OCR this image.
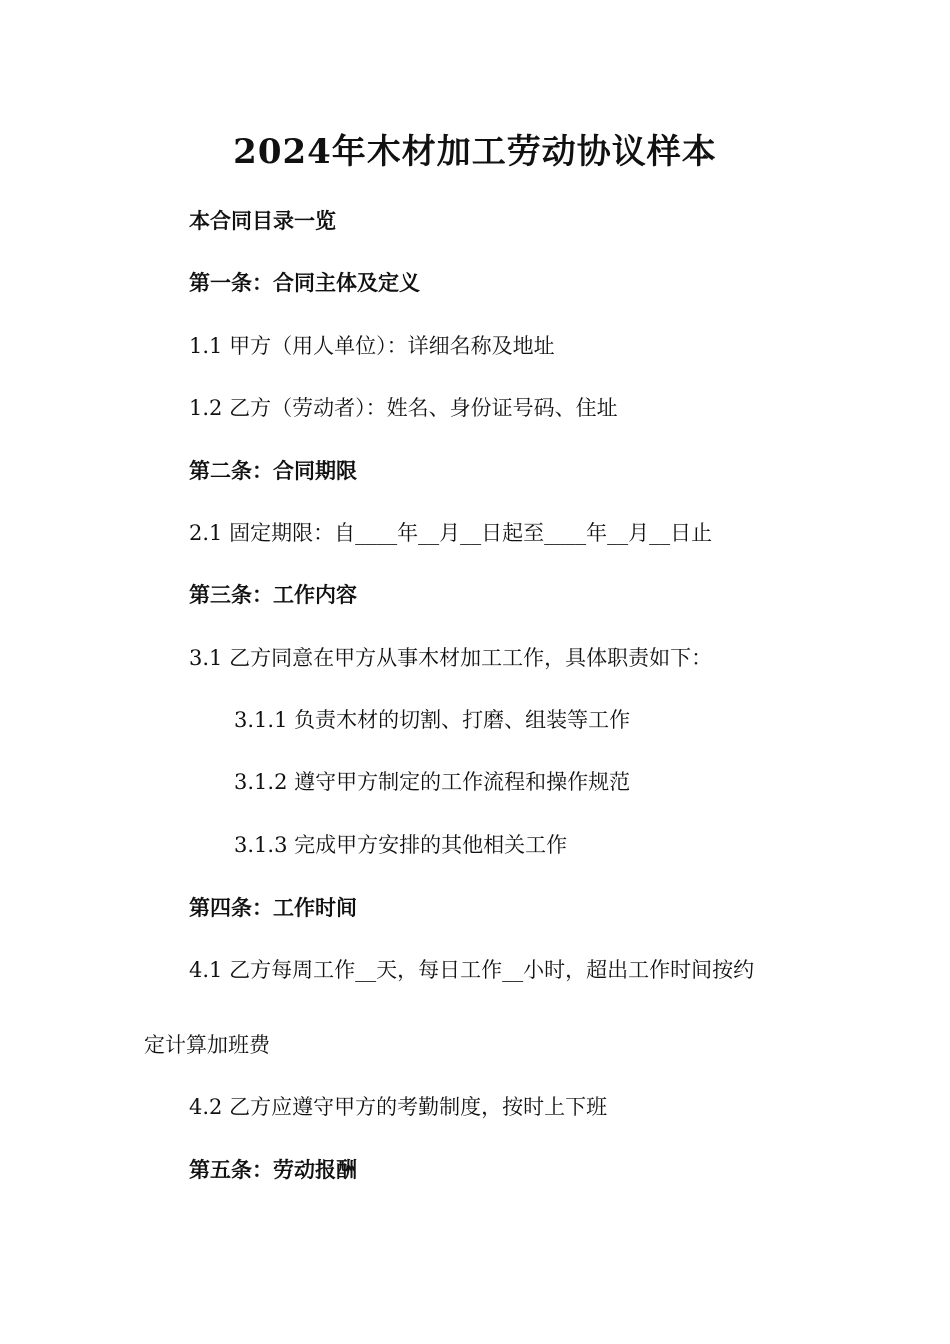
2024年木材加工劳动协议样本
本合同目录一览
第一条：合同主体及定义
1.1 甲方（用人单位）：详细名称及地址
1.2 乙方（劳动者）：姓名、身份证号码、住址
第二条：合同期限
2.1 固定期限：自____年__月__日起至____年__月__日止
第三条：工作内容
3.1 乙方同意在甲方从事木材加工工作，具体职责如下：
3.1.1 负责木材的切割、打磨、组装等工作
3.1.2 遵守甲方制定的工作流程和操作规范
3.1.3 完成甲方安排的其他相关工作
第四条：工作时间
4.1 乙方每周工作__天，每日工作__小时，超出工作时间按约
定计算加班费
4.2 乙方应遵守甲方的考勤制度，按时上下班
第五条：劳动报酬
